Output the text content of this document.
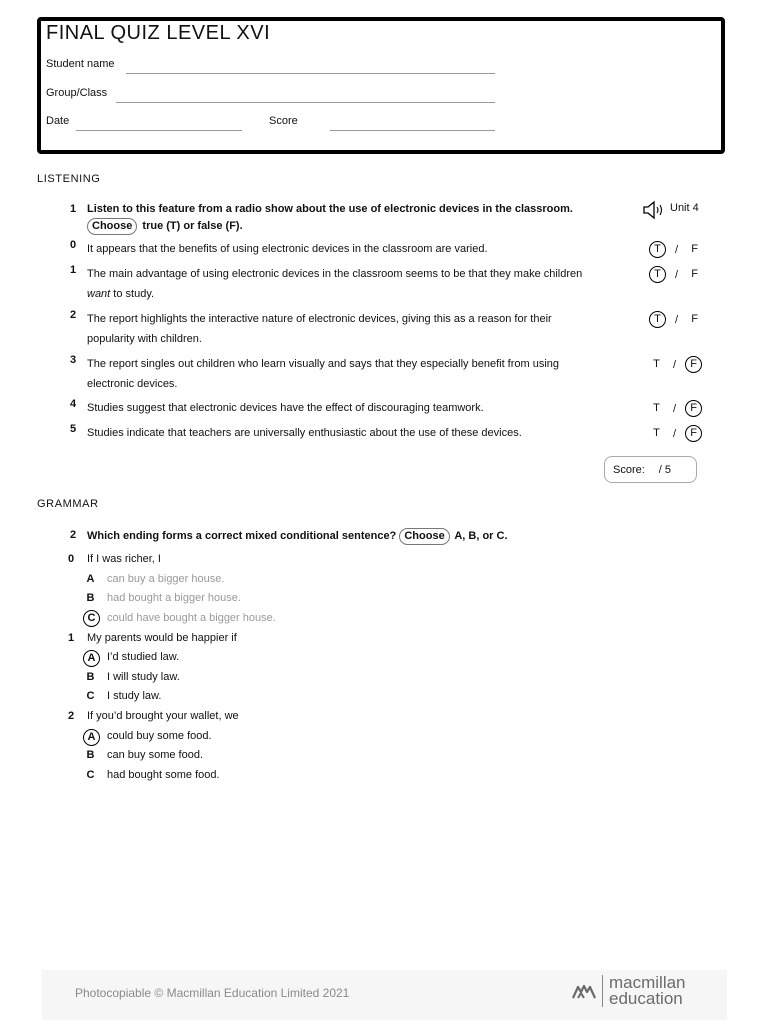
FINAL QUIZ LEVEL XVI
Student name
Group/Class
Date	Score
LISTENING
1 Listen to this feature from a radio show about the use of electronic devices in the classroom.
Choose true (T) or false (F).
Unit 4
0 It appears that the benefits of using electronic devices in the classroom are varied.	T	/	F
1 The main advantage of using electronic devices in the classroom seems to be that they make children
want to study.
T	/	F
2 The report highlights the interactive nature of electronic devices, giving this as a reason for their
popularity with children.
T	/	F
3 The report singles out children who learn visually and says that they especially benefit from using
electronic devices.
T	/	F
4 Studies suggest that electronic devices have the effect of discouraging teamwork.	T	/	F
5 Studies indicate that teachers are universally enthusiastic about the use of these devices.	T	/	F
Score: / 5
GRAMMAR
2 Which ending forms a correct mixed conditional sentence? Choose A, B, or C.
0 If I was richer, I
A	can buy a bigger house.
B	had bought a bigger house.
C	could have bought a bigger house.
1 My parents would be happier if
A	I’d studied law.
B	I will study law.
C	I study law.
2 If you’d brought your wallet, we
A	could buy some food.
B	can buy some food.
C	had bought some food.
Photocopiable © Macmillan Education Limited 2021
macmillan
education
